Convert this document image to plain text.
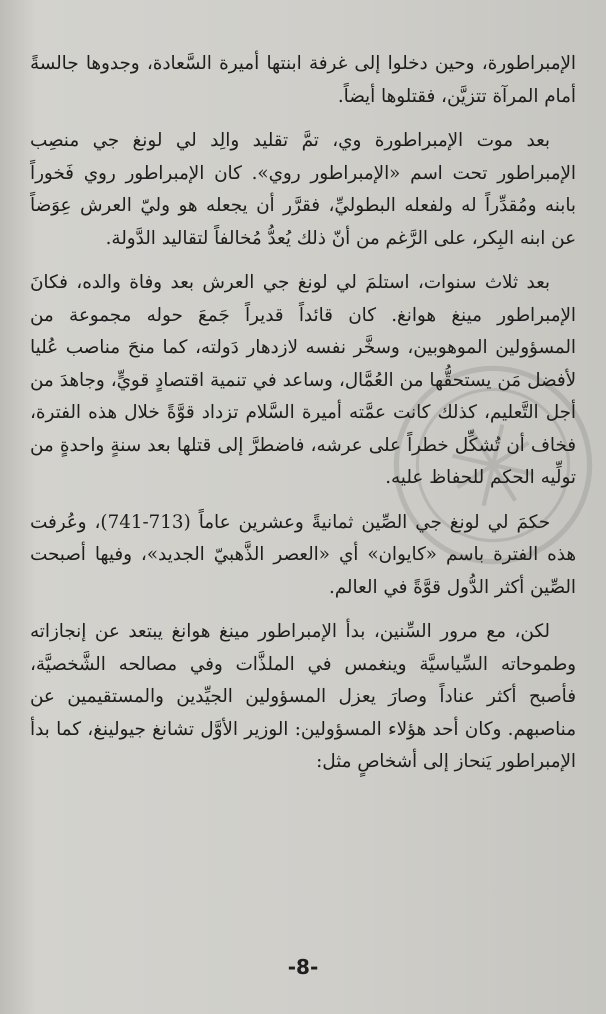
الإمبراطورة، وحين دخلوا إلى غرفة ابنتها أميرة السَّعادة، وجدوها جالسةً أمام المرآة تتزيَّن، فقتلوها أيضاً.

بعد موت الإمبراطورة وي، تمَّ تقليد والِد لي لونغ جي منصِب الإمبراطور تحت اسم «الإمبراطور روي». كان الإمبراطور روي فَخوراً بابنه ومُقدِّراً له ولفعله البطوليِّ، فقرَّر أن يجعله هو وليّ العرش عِوَضاً عن ابنه البِكر، على الرَّغم من أنّ ذلك يُعدُّ مُخالفاً لتقاليد الدَّولة.

بعد ثلاث سنوات، استلمَ لي لونغ جي العرش بعد وفاة والده، فكانَ الإمبراطور مينغ هوانغ. كان قائداً قديراً جَمعَ حوله مجموعة من المسؤولين الموهوبين، وسخَّر نفسه لازدهار دَولته، كما منحَ مناصب عُليا لأفضل مَن يستحقُّها من العُمَّال، وساعد في تنمية اقتصادٍ قويٍّ، وجاهدَ من أجل التَّعليم، كذلك كانت عمَّته أميرة السَّلام تزداد قوَّةً خلال هذه الفترة، فخاف أن تُشكِّل خطراً على عرشه، فاضطرَّ إلى قتلها بعد سنةٍ واحدةٍ من تولِّيه الحكم للحفاظ عليه.

حكمَ لي لونغ جي الصِّين ثمانيةً وعشرين عاماً (713-741)، وعُرفت هذه الفترة باسم «كايوان» أي «العصر الذَّهبيّ الجديد»، وفيها أصبحت الصِّين أكثر الدُّول قوَّةً في العالم.

لكن، مع مرور السِّنين، بدأ الإمبراطور مينغ هوانغ يبتعد عن إنجازاته وطموحاته السِّياسيَّة وينغمس في الملذَّات وفي مصالحه الشَّخصيَّة، فأصبح أكثر عناداً وصارَ يعزل المسؤولين الجيِّدين والمستقيمين عن مناصبهم. وكان أحد هؤلاء المسؤولين: الوزير الأوَّل تشانغ جيولينغ، كما بدأ الإمبراطور يَنحاز إلى أشخاصٍ مثل:

-8-
